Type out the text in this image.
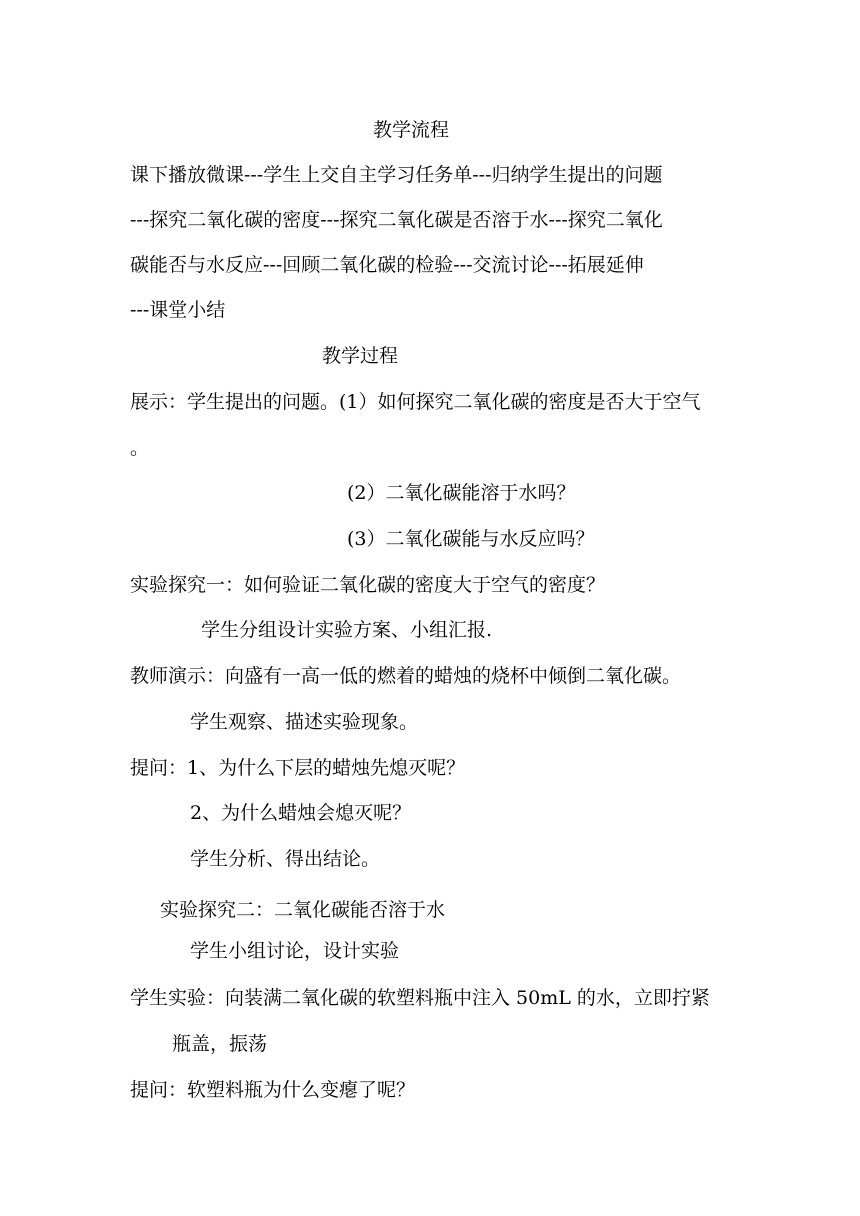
教学流程
课下播放微课---学生上交自主学习任务单---归纳学生提出的问题
---探究二氧化碳的密度---探究二氧化碳是否溶于水---探究二氧化
碳能否与水反应---回顾二氧化碳的检验---交流讨论---拓展延伸
---课堂小结
教学过程
展示：学生提出的问题。(1）如何探究二氧化碳的密度是否大于空气
。
(2）二氧化碳能溶于水吗？
(3）二氧化碳能与水反应吗？
实验探究一：如何验证二氧化碳的密度大于空气的密度？
学生分组设计实验方案、小组汇报.
教师演示：向盛有一高一低的燃着的蜡烛的烧杯中倾倒二氧化碳。
学生观察、描述实验现象。
提问：1、为什么下层的蜡烛先熄灭呢？
2、为什么蜡烛会熄灭呢？
学生分析、得出结论。
实验探究二：二氧化碳能否溶于水
学生小组讨论，设计实验
学生实验：向装满二氧化碳的软塑料瓶中注入 50mL 的水，立即拧紧
瓶盖，振荡
提问：软塑料瓶为什么变瘪了呢？
